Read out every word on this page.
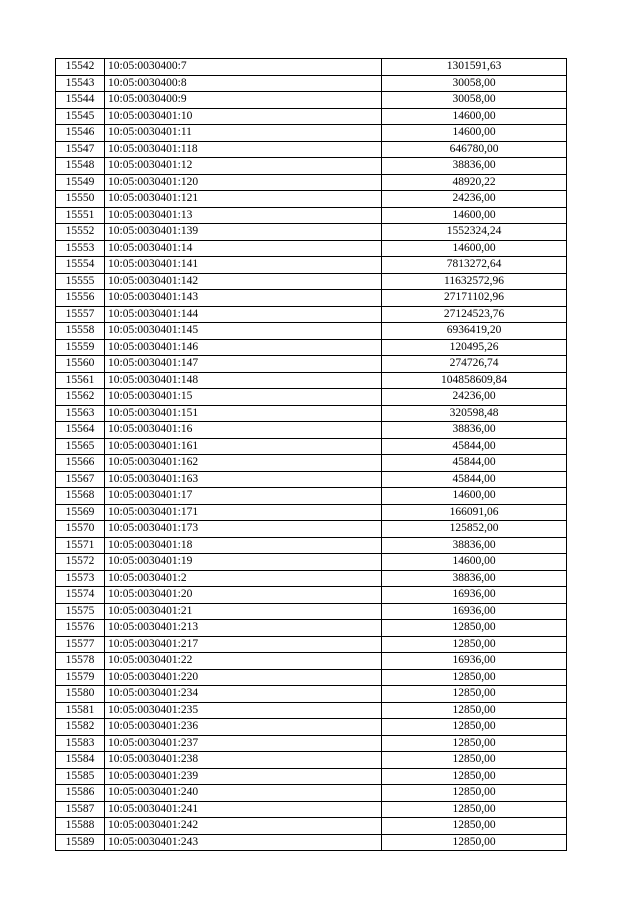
15542	10:05:0030400:7	1301591,63
15543	10:05:0030400:8	30058,00
15544	10:05:0030400:9	30058,00
15545	10:05:0030401:10	14600,00
15546	10:05:0030401:11	14600,00
15547	10:05:0030401:118	646780,00
15548	10:05:0030401:12	38836,00
15549	10:05:0030401:120	48920,22
15550	10:05:0030401:121	24236,00
15551	10:05:0030401:13	14600,00
15552	10:05:0030401:139	1552324,24
15553	10:05:0030401:14	14600,00
15554	10:05:0030401:141	7813272,64
15555	10:05:0030401:142	11632572,96
15556	10:05:0030401:143	27171102,96
15557	10:05:0030401:144	27124523,76
15558	10:05:0030401:145	6936419,20
15559	10:05:0030401:146	120495,26
15560	10:05:0030401:147	274726,74
15561	10:05:0030401:148	104858609,84
15562	10:05:0030401:15	24236,00
15563	10:05:0030401:151	320598,48
15564	10:05:0030401:16	38836,00
15565	10:05:0030401:161	45844,00
15566	10:05:0030401:162	45844,00
15567	10:05:0030401:163	45844,00
15568	10:05:0030401:17	14600,00
15569	10:05:0030401:171	166091,06
15570	10:05:0030401:173	125852,00
15571	10:05:0030401:18	38836,00
15572	10:05:0030401:19	14600,00
15573	10:05:0030401:2	38836,00
15574	10:05:0030401:20	16936,00
15575	10:05:0030401:21	16936,00
15576	10:05:0030401:213	12850,00
15577	10:05:0030401:217	12850,00
15578	10:05:0030401:22	16936,00
15579	10:05:0030401:220	12850,00
15580	10:05:0030401:234	12850,00
15581	10:05:0030401:235	12850,00
15582	10:05:0030401:236	12850,00
15583	10:05:0030401:237	12850,00
15584	10:05:0030401:238	12850,00
15585	10:05:0030401:239	12850,00
15586	10:05:0030401:240	12850,00
15587	10:05:0030401:241	12850,00
15588	10:05:0030401:242	12850,00
15589	10:05:0030401:243	12850,00
